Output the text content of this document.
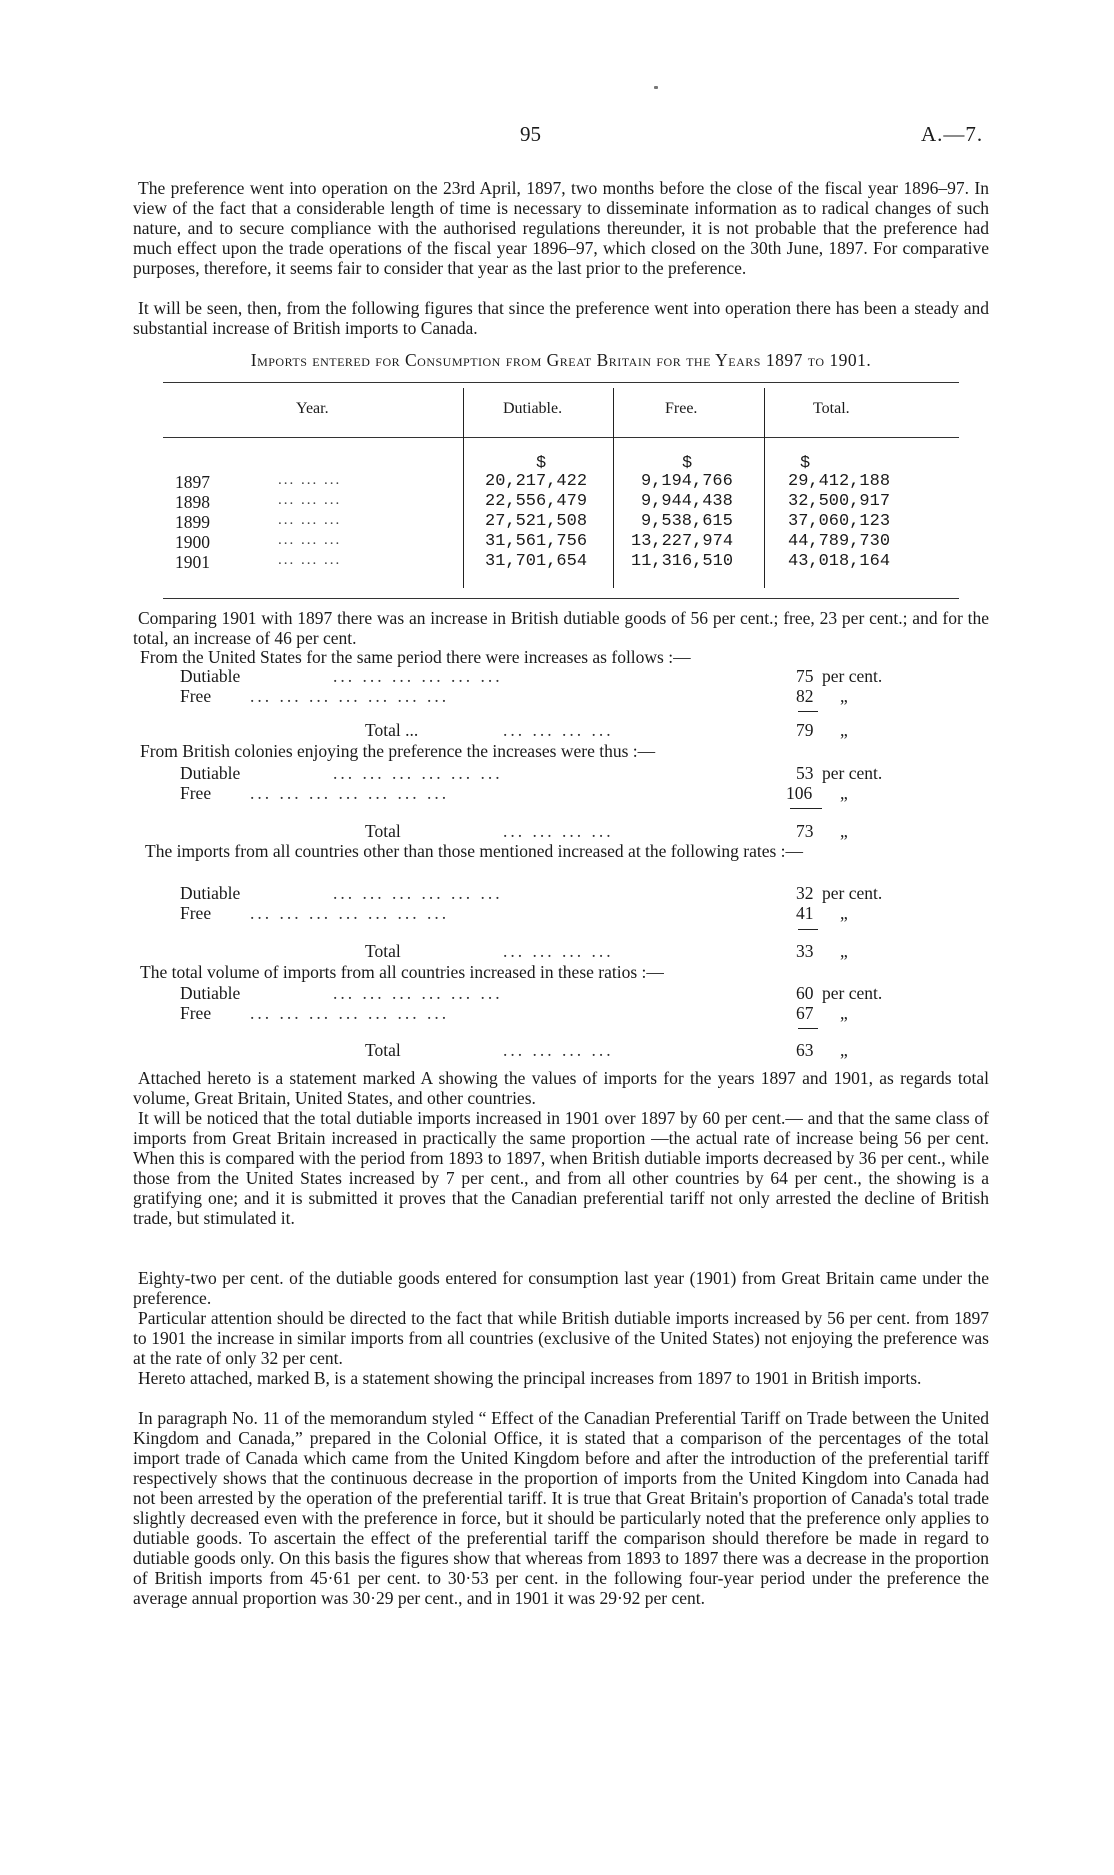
95	A.—7.
The preference went into operation on the 23rd April, 1897, two months before the close of the fiscal year 1896–97. In view of the fact that a considerable length of time is necessary to disseminate information as to radical changes of such nature, and to secure compliance with the authorised regulations thereunder, it is not probable that the preference had much effect upon the trade operations of the fiscal year 1896–97, which closed on the 30th June, 1897. For comparative purposes, therefore, it seems fair to consider that year as the last prior to the preference.
It will be seen, then, from the following figures that since the preference went into operation there has been a steady and substantial increase of British imports to Canada.
Imports entered for Consumption from Great Britain for the Years 1897 to 1901.
Year.	Dutiable.	Free.	Total.
$	$	$
1897	... ... ...	20,217,422	9,194,766	29,412,188
1898	... ... ...	22,556,479	9,944,438	32,500,917
1899	... ... ...	27,521,508	9,538,615	37,060,123
1900	... ... ...	31,561,756	13,227,974	44,789,730
1901	... ... ...	31,701,654	11,316,510	43,018,164
Comparing 1901 with 1897 there was an increase in British dutiable goods of 56 per cent.; free, 23 per cent.; and for the total, an increase of 46 per cent.
From the United States for the same period there were increases as follows :—
Dutiable	... ... ... ... ... ...	75 per cent.
Free ... ... ... ... ... ... ...	82 „
Total ...	... ... ... ...	79 „
From British colonies enjoying the preference the increases were thus :—
Dutiable	... ... ... ... ... ...	53 per cent.
Free ... ... ... ... ... ... ...	106 „
Total	... ... ... ...	73 „
The imports from all countries other than those mentioned increased at the following rates :—
Dutiable	... ... ... ... ... ...	32 per cent.
Free ... ... ... ... ... ... ...	41 „
Total	... ... ... ...	33 „
The total volume of imports from all countries increased in these ratios :—
Dutiable	... ... ... ... ... ...	60 per cent.
Free ... ... ... ... ... ... ...	67 „
Total	... ... ... ...	63 „
Attached hereto is a statement marked A showing the values of imports for the years 1897 and 1901, as regards total volume, Great Britain, United States, and other countries.
It will be noticed that the total dutiable imports increased in 1901 over 1897 by 60 per cent.— and that the same class of imports from Great Britain increased in practically the same proportion —the actual rate of increase being 56 per cent. When this is compared with the period from 1893 to 1897, when British dutiable imports decreased by 36 per cent., while those from the United States increased by 7 per cent., and from all other countries by 64 per cent., the showing is a gratifying one; and it is submitted it proves that the Canadian preferential tariff not only arrested the decline of British trade, but stimulated it.
Eighty-two per cent. of the dutiable goods entered for consumption last year (1901) from Great Britain came under the preference.
Particular attention should be directed to the fact that while British dutiable imports increased by 56 per cent. from 1897 to 1901 the increase in similar imports from all countries (exclusive of the United States) not enjoying the preference was at the rate of only 32 per cent.
Hereto attached, marked B, is a statement showing the principal increases from 1897 to 1901 in British imports.
In paragraph No. 11 of the memorandum styled “ Effect of the Canadian Preferential Tariff on Trade between the United Kingdom and Canada,” prepared in the Colonial Office, it is stated that a comparison of the percentages of the total import trade of Canada which came from the United Kingdom before and after the introduction of the preferential tariff respectively shows that the continuous decrease in the proportion of imports from the United Kingdom into Canada had not been arrested by the operation of the preferential tariff. It is true that Great Britain's proportion of Canada's total trade slightly decreased even with the preference in force, but it should be particularly noted that the preference only applies to dutiable goods. To ascertain the effect of the preferential tariff the comparison should therefore be made in regard to dutiable goods only. On this basis the figures show that whereas from 1893 to 1897 there was a decrease in the proportion of British imports from 45·61 per cent. to 30·53 per cent. in the following four-year period under the preference the average annual proportion was 30·29 per cent., and in 1901 it was 29·92 per cent.
